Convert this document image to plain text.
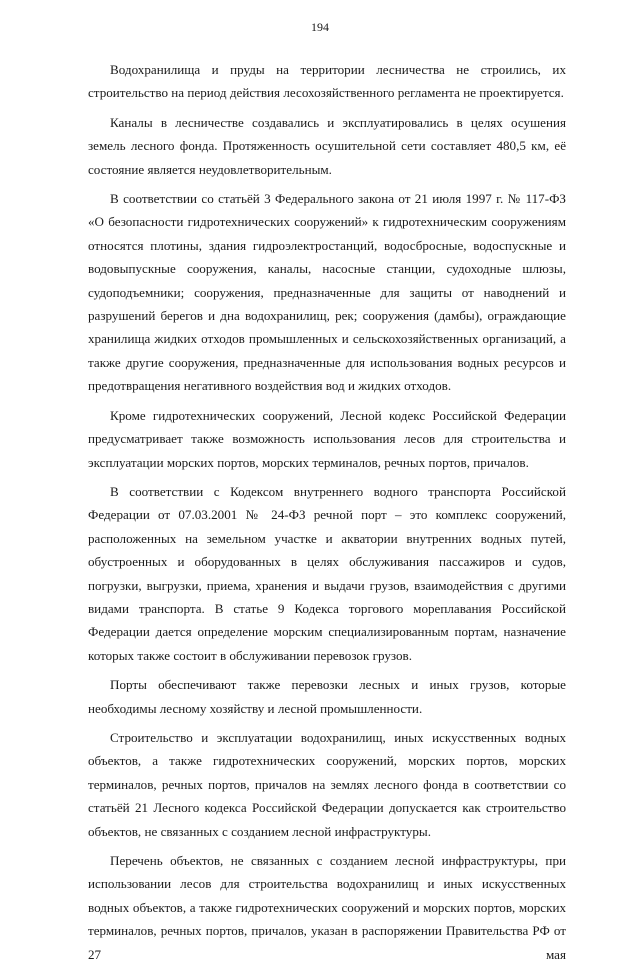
194

Водохранилища и пруды на территории лесничества не строились, их строительство на период действия лесохозяйственного регламента не проектируется.

Каналы в лесничестве создавались и эксплуатировались в целях осушения земель лесного фонда. Протяженность осушительной сети составляет 480,5 км, её состояние является неудовлетворительным.

В соответствии со статьёй 3 Федерального закона от 21 июля 1997 г. № 117-ФЗ «О безопасности гидротехнических сооружений» к гидротехническим сооружениям относятся плотины, здания гидроэлектростанций, водосбросные, водоспускные и водовыпускные сооружения, каналы, насосные станции, судоходные шлюзы, судоподъемники; сооружения, предназначенные для защиты от наводнений и разрушений берегов и дна водохранилищ, рек; сооружения (дамбы), ограждающие хранилища жидких отходов промышленных и сельскохозяйственных организаций, а также другие сооружения, предназначенные для использования водных ресурсов и предотвращения негативного воздействия вод и жидких отходов.

Кроме гидротехнических сооружений, Лесной кодекс Российской Федерации предусматривает также возможность использования лесов для строительства и эксплуатации морских портов, морских терминалов, речных портов, причалов.

В соответствии с Кодексом внутреннего водного транспорта Российской Федерации от 07.03.2001 № 24-ФЗ речной порт – это комплекс сооружений, расположенных на земельном участке и акватории внутренних водных путей, обустроенных и оборудованных в целях обслуживания пассажиров и судов, погрузки, выгрузки, приема, хранения и выдачи грузов, взаимодействия с другими видами транспорта. В статье 9 Кодекса торгового мореплавания Российской Федерации дается определение морским специализированным портам, назначение которых также состоит в обслуживании перевозок грузов.

Порты обеспечивают также перевозки лесных и иных грузов, которые необходимы лесному хозяйству и лесной промышленности.

Строительство и эксплуатации водохранилищ, иных искусственных водных объектов, а также гидротехнических сооружений, морских портов, морских терминалов, речных портов, причалов на землях лесного фонда в соответствии со статьёй 21 Лесного кодекса Российской Федерации допускается как строительство объектов, не связанных с созданием лесной инфраструктуры.

Перечень объектов, не связанных с созданием лесной инфраструктуры, при использовании лесов для строительства водохранилищ и иных искусственных водных объектов, а также гидротехнических сооружений и морских портов, морских терминалов, речных портов, причалов, указан в распоряжении Правительства РФ от 27 мая
